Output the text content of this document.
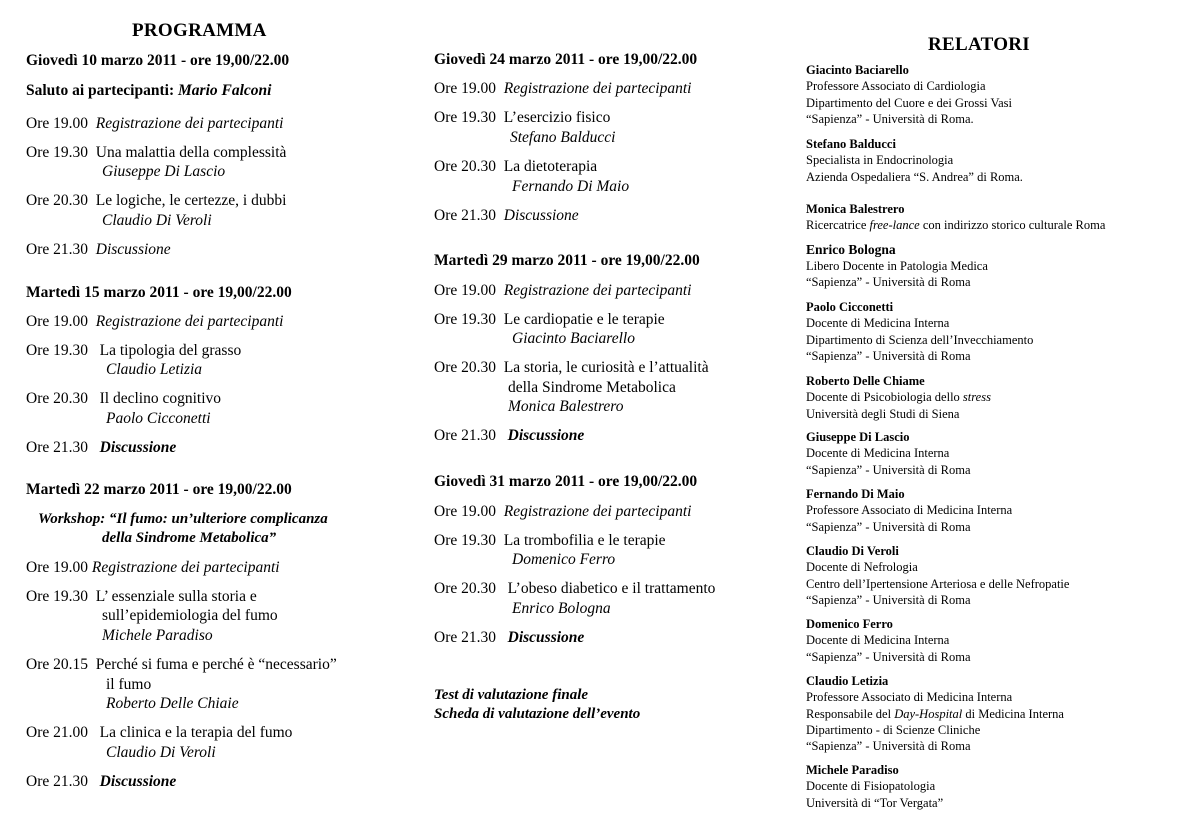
PROGRAMMA
Giovedì 10 marzo 2011 - ore 19,00/22.00
Saluto ai partecipanti: Mario Falconi
Ore 19.00 Registrazione dei partecipanti
Ore 19.30 Una malattia della complessità
Giuseppe Di Lascio
Ore 20.30 Le logiche, le certezze, i dubbi
Claudio Di Veroli
Ore 21.30 Discussione
Martedì 15 marzo 2011 - ore 19,00/22.00
Ore 19.00 Registrazione dei partecipanti
Ore 19.30 La tipologia del grasso
Claudio Letizia
Ore 20.30 Il declino cognitivo
Paolo Cicconetti
Ore 21.30 Discussione
Martedì 22 marzo 2011 - ore 19,00/22.00
Workshop: “Il fumo: un’ulteriore complicanza
della Sindrome Metabolica”
Ore 19.00 Registrazione dei partecipanti
Ore 19.30 L’ essenziale sulla storia e
sull’epidemiologia del fumo
Michele Paradiso
Ore 20.15 Perché si fuma e perché è “necessario”
il fumo
Roberto Delle Chiaie
Ore 21.00 La clinica e la terapia del fumo
Claudio Di Veroli
Ore 21.30 Discussione
Giovedì 24 marzo 2011 - ore 19,00/22.00
Ore 19.00 Registrazione dei partecipanti
Ore 19.30 L’esercizio fisico
Stefano Balducci
Ore 20.30 La dietoterapia
Fernando Di Maio
Ore 21.30 Discussione
Martedì 29 marzo 2011 - ore 19,00/22.00
Ore 19.00 Registrazione dei partecipanti
Ore 19.30 Le cardiopatie e le terapie
Giacinto Baciarello
Ore 20.30 La storia, le curiosità e l’attualità
della Sindrome Metabolica
Monica Balestrero
Ore 21.30 Discussione
Giovedì 31 marzo 2011 - ore 19,00/22.00
Ore 19.00 Registrazione dei partecipanti
Ore 19.30 La trombofilia e le terapie
Domenico Ferro
Ore 20.30 L’obeso diabetico e il trattamento
Enrico Bologna
Ore 21.30 Discussione
Test di valutazione finale
Scheda di valutazione dell’evento
RELATORI
Giacinto Baciarello
Professore Associato di Cardiologia
Dipartimento del Cuore e dei Grossi Vasi
“Sapienza” - Università di Roma.
Stefano Balducci
Specialista in Endocrinologia
Azienda Ospedaliera “S. Andrea” di Roma.
Monica Balestrero
Ricercatrice free-lance con indirizzo storico culturale Roma
Enrico Bologna
Libero Docente in Patologia Medica
“Sapienza” - Università di Roma
Paolo Cicconetti
Docente di Medicina Interna
Dipartimento di Scienza dell’Invecchiamento
“Sapienza” - Università di Roma
Roberto Delle Chiame
Docente di Psicobiologia dello stress
Università degli Studi di Siena
Giuseppe Di Lascio
Docente di Medicina Interna
“Sapienza” - Università di Roma
Fernando Di Maio
Professore Associato di Medicina Interna
“Sapienza” - Università di Roma
Claudio Di Veroli
Docente di Nefrologia
Centro dell’Ipertensione Arteriosa e delle Nefropatie
“Sapienza” - Università di Roma
Domenico Ferro
Docente di Medicina Interna
“Sapienza” - Università di Roma
Claudio Letizia
Professore Associato di Medicina Interna
Responsabile del Day-Hospital di Medicina Interna
Dipartimento - di Scienze Cliniche
“Sapienza” - Università di Roma
Michele Paradiso
Docente di Fisiopatologia
Università di “Tor Vergata”
